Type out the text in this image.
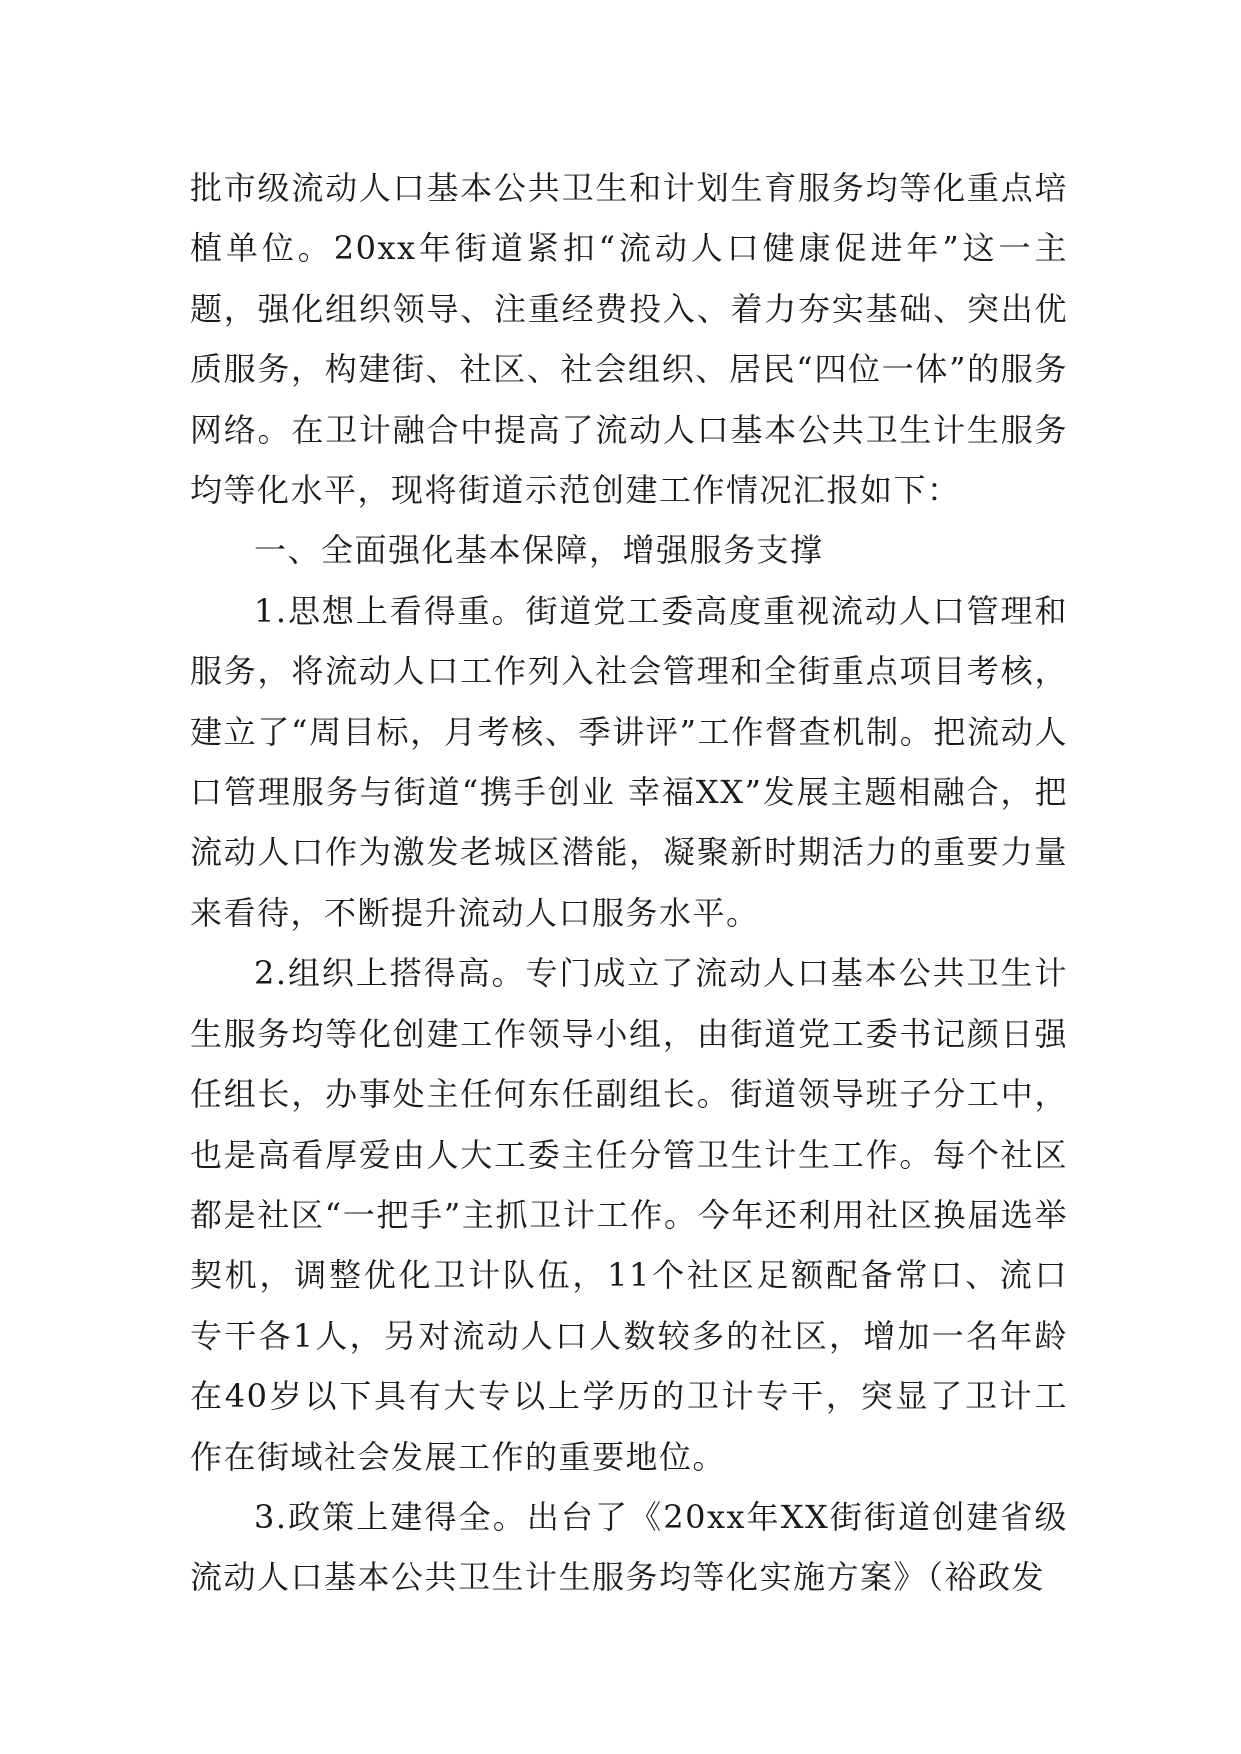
批市级流动人口基本公共卫生和计划生育服务均等化重点培植单位。20xx年街道紧扣“流动人口健康促进年”这一主题，强化组织领导、注重经费投入、着力夯实基础、突出优质服务，构建街、社区、社会组织、居民“四位一体”的服务网络。在卫计融合中提高了流动人口基本公共卫生计生服务均等化水平，现将街道示范创建工作情况汇报如下：

一、全面强化基本保障，增强服务支撑

1.思想上看得重。街道党工委高度重视流动人口管理和服务，将流动人口工作列入社会管理和全街重点项目考核，建立了“周目标，月考核、季讲评”工作督查机制。把流动人口管理服务与街道“携手创业 幸福XX”发展主题相融合，把流动人口作为激发老城区潜能，凝聚新时期活力的重要力量来看待，不断提升流动人口服务水平。

2.组织上搭得高。专门成立了流动人口基本公共卫生计生服务均等化创建工作领导小组，由街道党工委书记颜日强任组长，办事处主任何东任副组长。街道领导班子分工中，也是高看厚爱由人大工委主任分管卫生计生工作。每个社区都是社区“一把手”主抓卫计工作。今年还利用社区换届选举契机，调整优化卫计队伍，11个社区足额配备常口、流口专干各1人，另对流动人口人数较多的社区，增加一名年龄在40岁以下具有大专以上学历的卫计专干，突显了卫计工作在街域社会发展工作的重要地位。

3.政策上建得全。出台了《20xx年XX街街道创建省级流动人口基本公共卫生计生服务均等化实施方案》（裕政发
